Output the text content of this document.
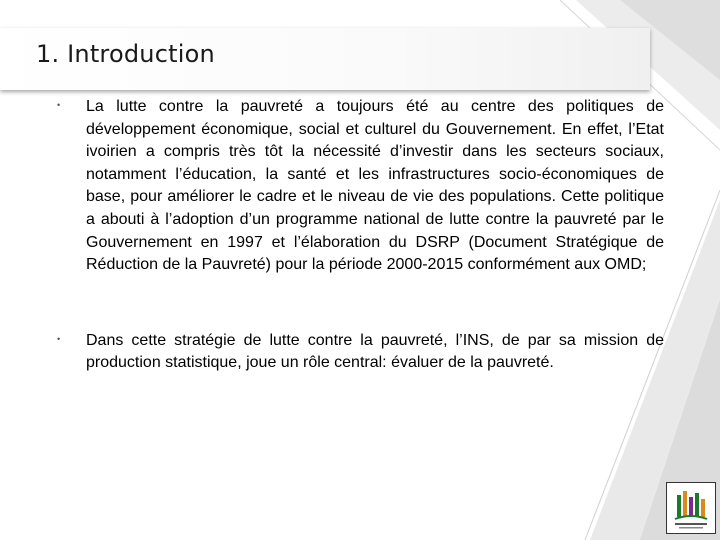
1. Introduction
• La lutte contre la pauvreté a toujours été au centre des politiques de développement économique, social et culturel du Gouvernement. En effet, l’Etat ivoirien a compris très tôt la nécessité d’investir dans les secteurs sociaux, notamment l’éducation, la santé et les infrastructures socio-économiques de base, pour améliorer le cadre et le niveau de vie des populations. Cette politique a abouti à l’adoption d’un programme national de lutte contre la pauvreté par le Gouvernement en 1997 et l’élaboration du DSRP (Document Stratégique de Réduction de la Pauvreté) pour la période 2000-2015 conformément aux OMD;
• Dans cette stratégie de lutte contre la pauvreté, l’INS, de par sa mission de production statistique, joue un rôle central: évaluer de la pauvreté.
